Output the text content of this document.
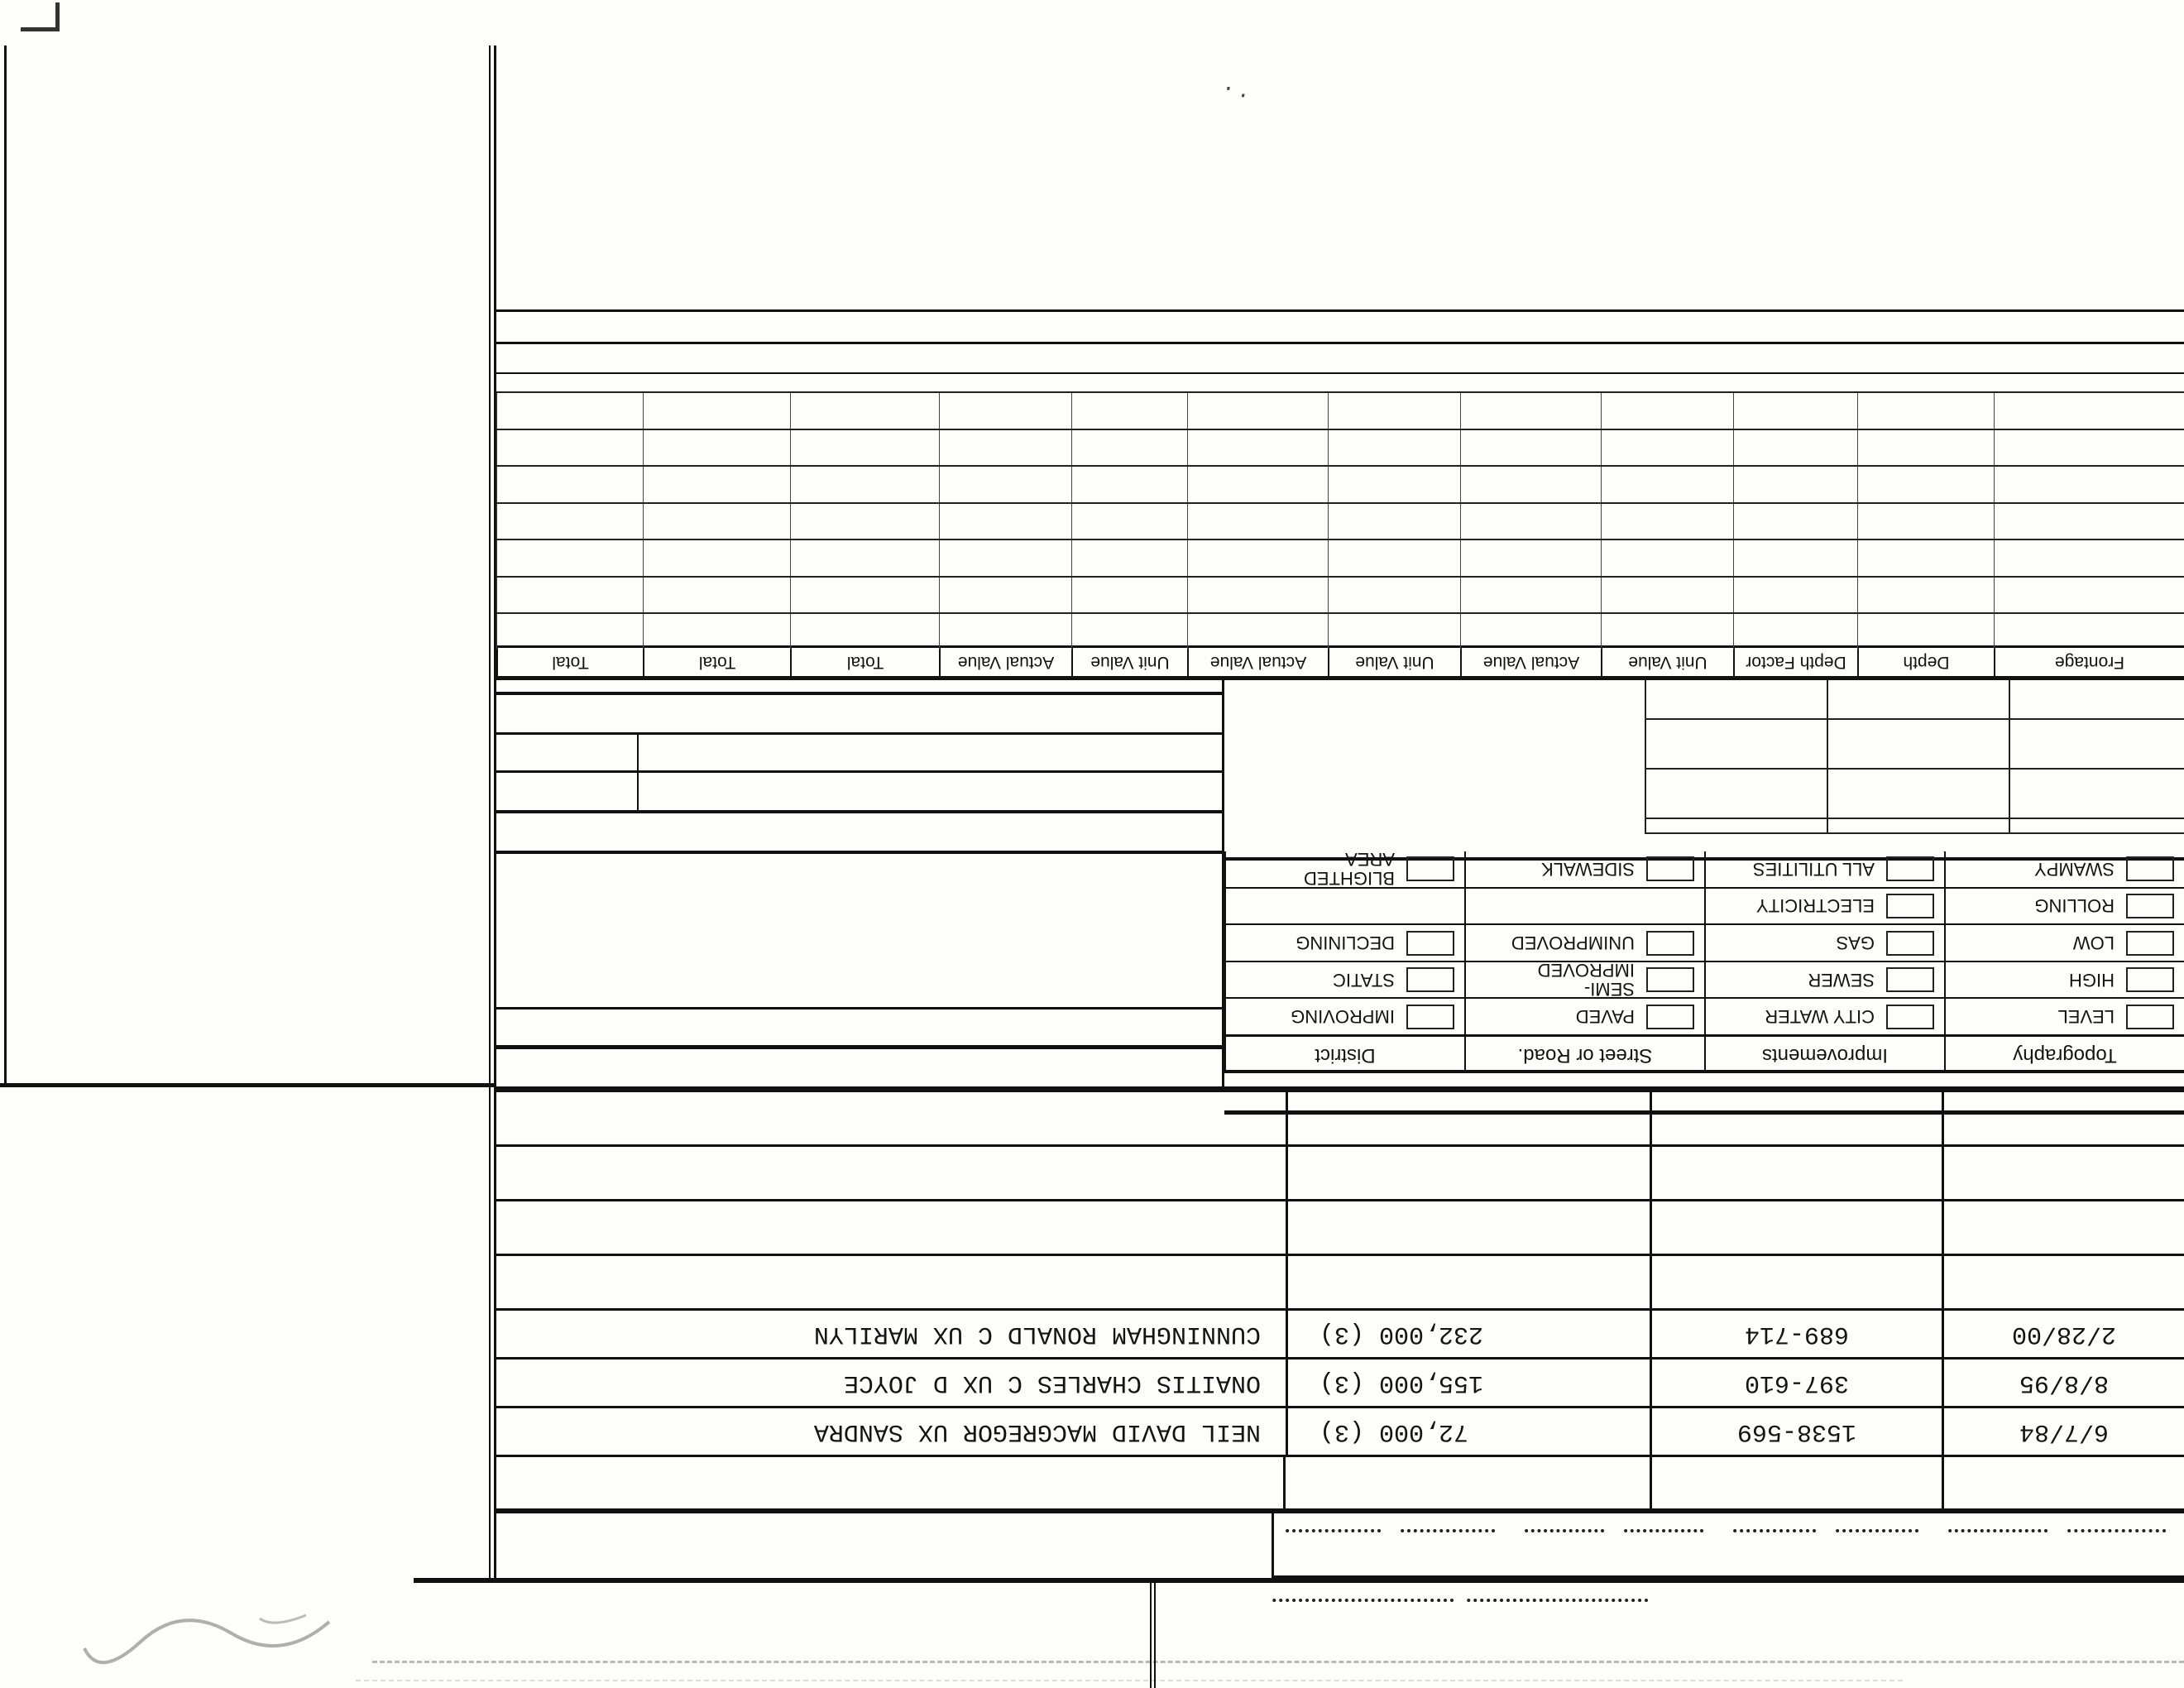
6/7/84
1538-569
72,000 (3)
NEIL DAVID MACGREGOR UX SANDRA
8/8/95
397-610
155,000 (3)
ONAITIS CHARLES C UX D JOYCE
2/28/00
689-714
232,000 (3)
CUNNINGHAM RONALD C UX MARILYN
Topography
Improvements
Street or Road.
District
LEVEL
CITY WATER
PAVED
IMPROVING
HIGH
SEWER
SEMI-IMPROVED
STATIC
LOW
GAS
UNIMPROVED
DECLINING
ROLLING
ELECTRICITY
SWAMPY
ALL UTILITIES
SIDEWALK
BLIGHTED AREA
Frontage
Depth
Depth Factor
Unit Value
Actual Value
Unit Value
Actual Value
Unit Value
Actual Value
Total
Total
Total
·.
